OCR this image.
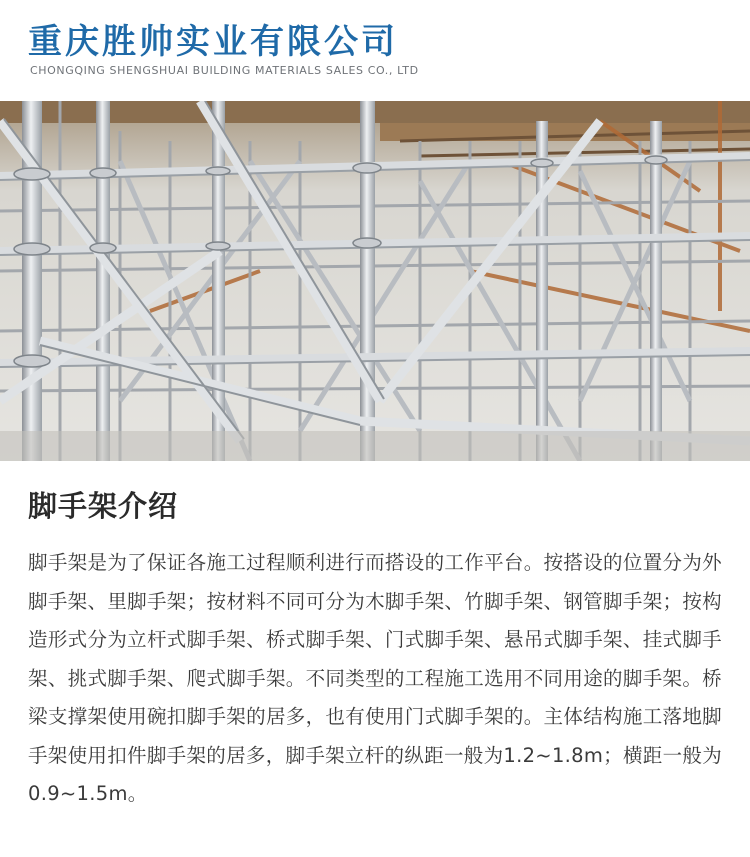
重庆胜帅实业有限公司
CHONGQING SHENGSHUAI BUILDING MATERIALS SALES CO., LTD
脚手架介绍
脚手架是为了保证各施工过程顺利进行而搭设的工作平台。按搭设的位置分为外脚手架、里脚手架；按材料不同可分为木脚手架、竹脚手架、钢管脚手架；按构造形式分为立杆式脚手架、桥式脚手架、门式脚手架、悬吊式脚手架、挂式脚手架、挑式脚手架、爬式脚手架。不同类型的工程施工选用不同用途的脚手架。桥梁支撑架使用碗扣脚手架的居多，也有使用门式脚手架的。主体结构施工落地脚手架使用扣件脚手架的居多，脚手架立杆的纵距一般为1.2~1.8m；横距一般为0.9~1.5m。
